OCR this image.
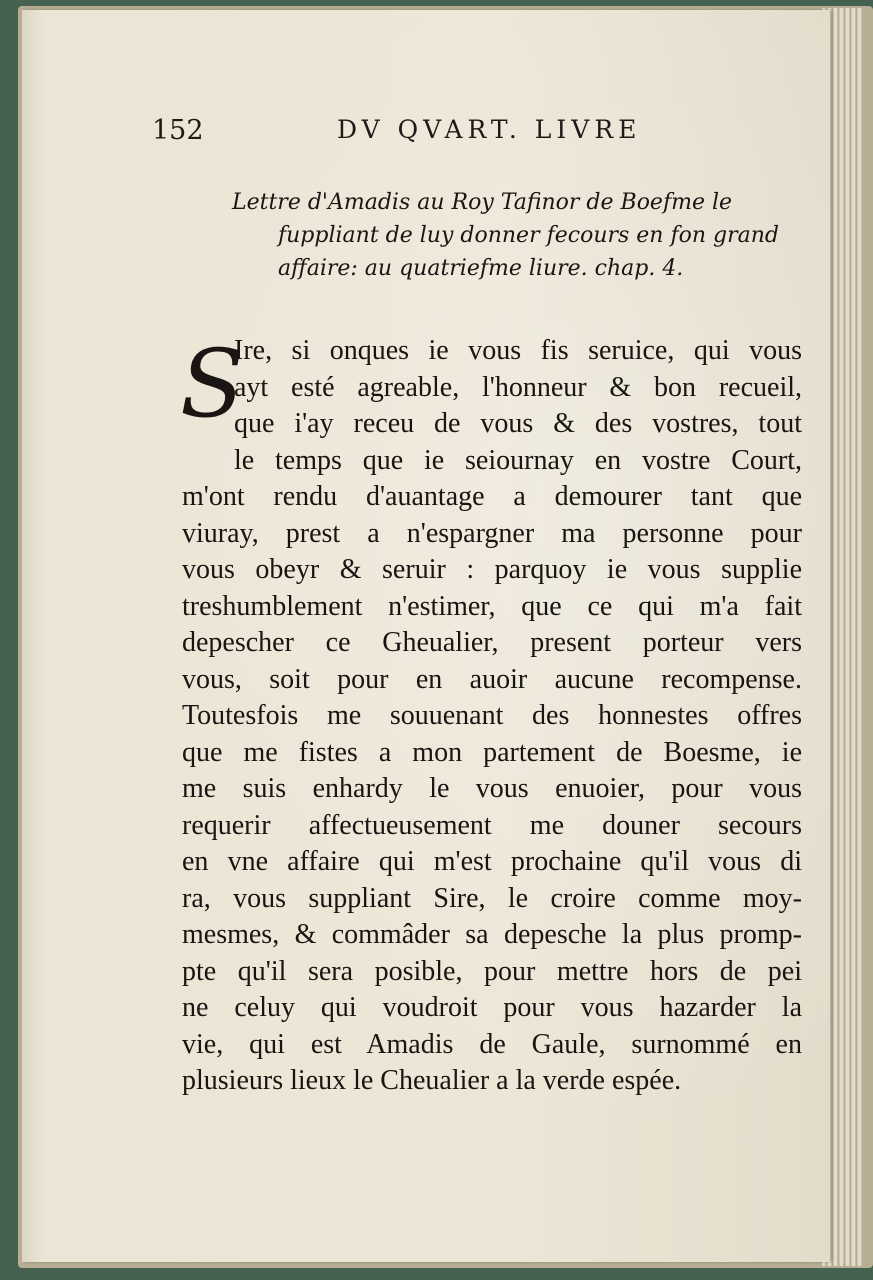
152	DV QVART. LIVRE
Lettre d'Amadis au Roy Tafinor de Boefme le
fuppliant de luy donner fecours en fon grand
affaire: au quatriefme liure. chap. 4.
S
Ire, si onques ie vous fis seruice, qui vous
ayt esté agreable, l'honneur & bon recueil,
que i'ay receu de vous & des vostres, tout
le temps que ie seiournay en vostre Court,
m'ont rendu d'auantage a demourer tant que
viuray, prest a n'espargner ma personne pour
vous obeyr & seruir : parquoy ie vous supplie
treshumblement n'estimer, que ce qui m'a fait
depescher ce Gheualier, present porteur vers
vous, soit pour en auoir aucune recompense.
Toutesfois me souuenant des honnestes offres
que me fistes a mon partement de Boesme, ie
me suis enhardy le vous enuoier, pour vous
requerir affectueusement me douner secours
en vne affaire qui m'est prochaine qu'il vous di
ra, vous suppliant Sire, le croire comme moy-
mesmes, & commâder sa depesche la plus promp-
pte qu'il sera posible, pour mettre hors de pei
ne celuy qui voudroit pour vous hazarder la
vie, qui est Amadis de Gaule, surnommé en
plusieurs lieux le Cheualier a la verde espée.
